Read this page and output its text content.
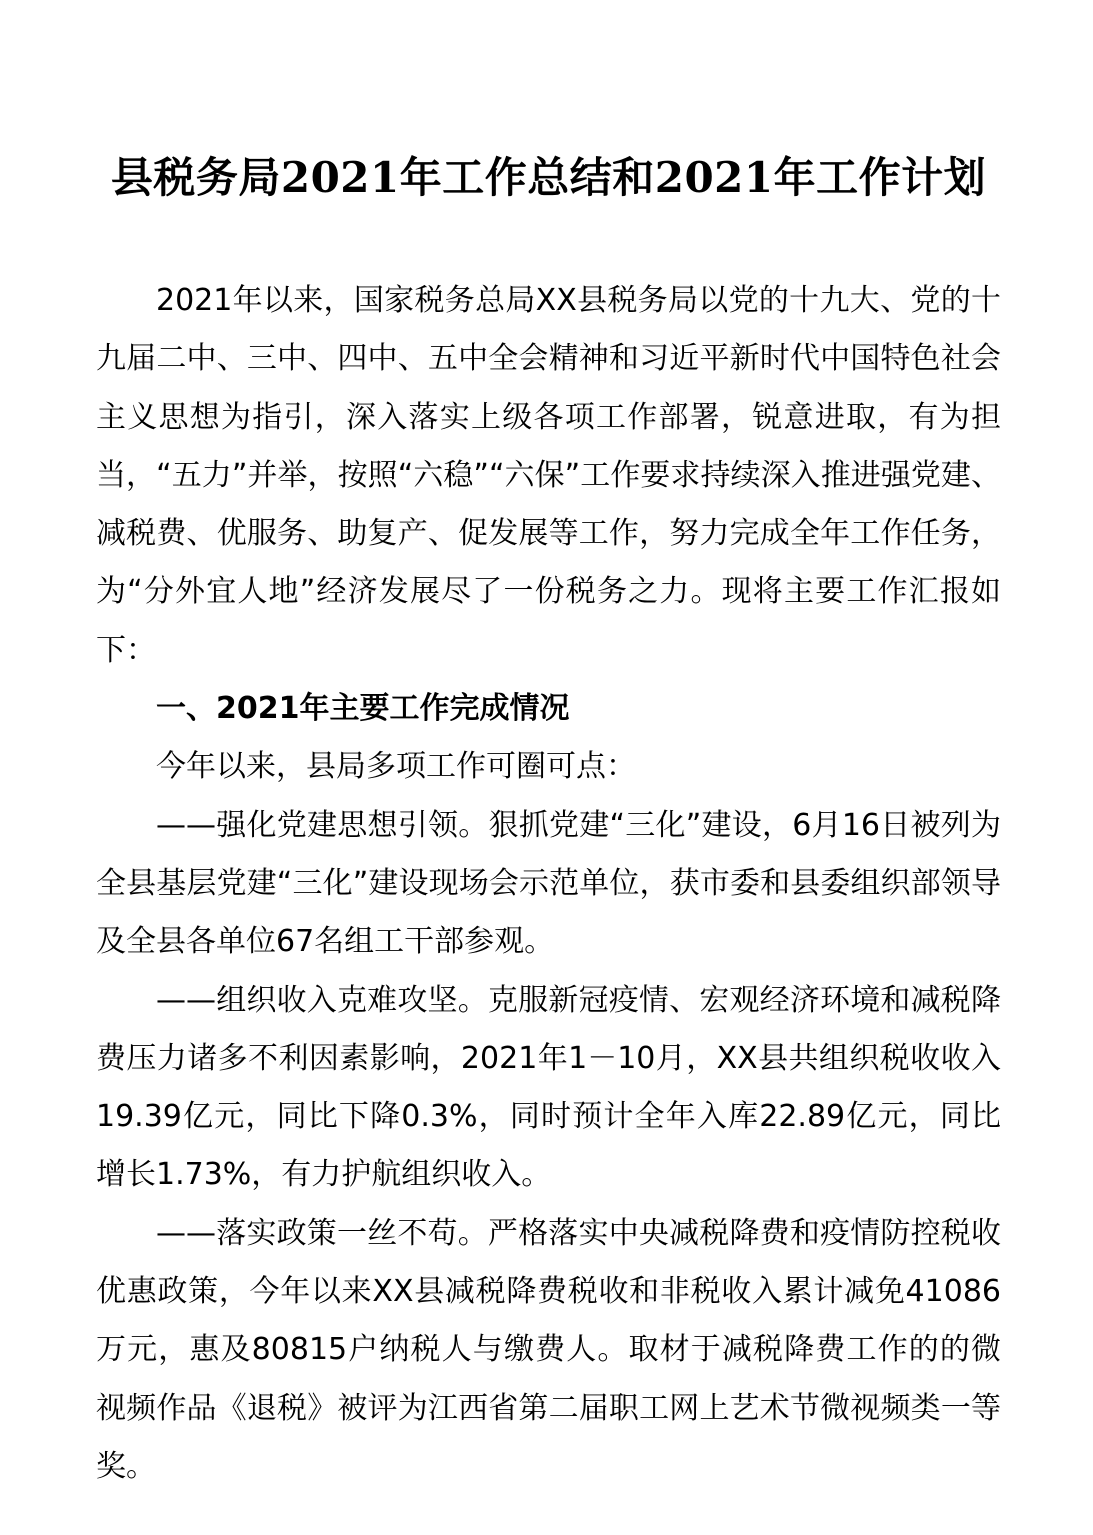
县税务局2021年工作总结和2021年工作计划

2021年以来，国家税务总局XX县税务局以党的十九大、党的十九届二中、三中、四中、五中全会精神和习近平新时代中国特色社会主义思想为指引，深入落实上级各项工作部署，锐意进取，有为担当，“五力”并举，按照“六稳”“六保”工作要求持续深入推进强党建、减税费、优服务、助复产、促发展等工作，努力完成全年工作任务，为“分外宜人地”经济发展尽了一份税务之力。现将主要工作汇报如下：

一、2021年主要工作完成情况

今年以来，县局多项工作可圈可点：

——强化党建思想引领。狠抓党建“三化”建设，6月16日被列为全县基层党建“三化”建设现场会示范单位，获市委和县委组织部领导及全县各单位67名组工干部参观。

——组织收入克难攻坚。克服新冠疫情、宏观经济环境和减税降费压力诸多不利因素影响，2021年1－10月，XX县共组织税收收入19.39亿元，同比下降0.3%，同时预计全年入库22.89亿元，同比增长1.73%，有力护航组织收入。

——落实政策一丝不苟。严格落实中央减税降费和疫情防控税收优惠政策，今年以来XX县减税降费税收和非税收入累计减免41086万元，惠及80815户纳税人与缴费人。取材于减税降费工作的的微视频作品《退税》被评为江西省第二届职工网上艺术节微视频类一等奖。
